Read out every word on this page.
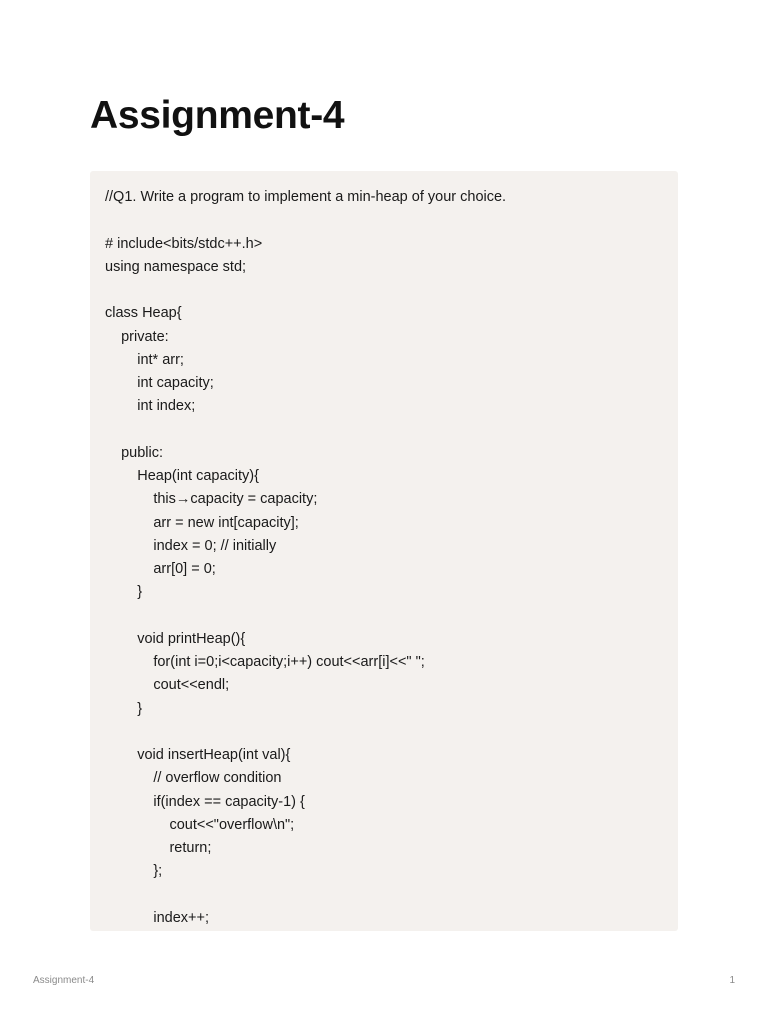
Assignment-4
//Q1. Write a program to implement a min-heap of your choice.
# include<bits/stdc++.h>
using namespace std;
class Heap{
private:
int* arr;
int capacity;
int index;
public:
Heap(int capacity){
this→capacity = capacity;
arr = new int[capacity];
index = 0; // initially
arr[0] = 0;
}
void printHeap(){
for(int i=0;i<capacity;i++) cout<<arr[i]<<" ";
cout<<endl;
}
void insertHeap(int val){
// overflow condition
if(index == capacity-1) {
cout<<"overflow\n";
return;
};
index++;
Assignment-4	1
